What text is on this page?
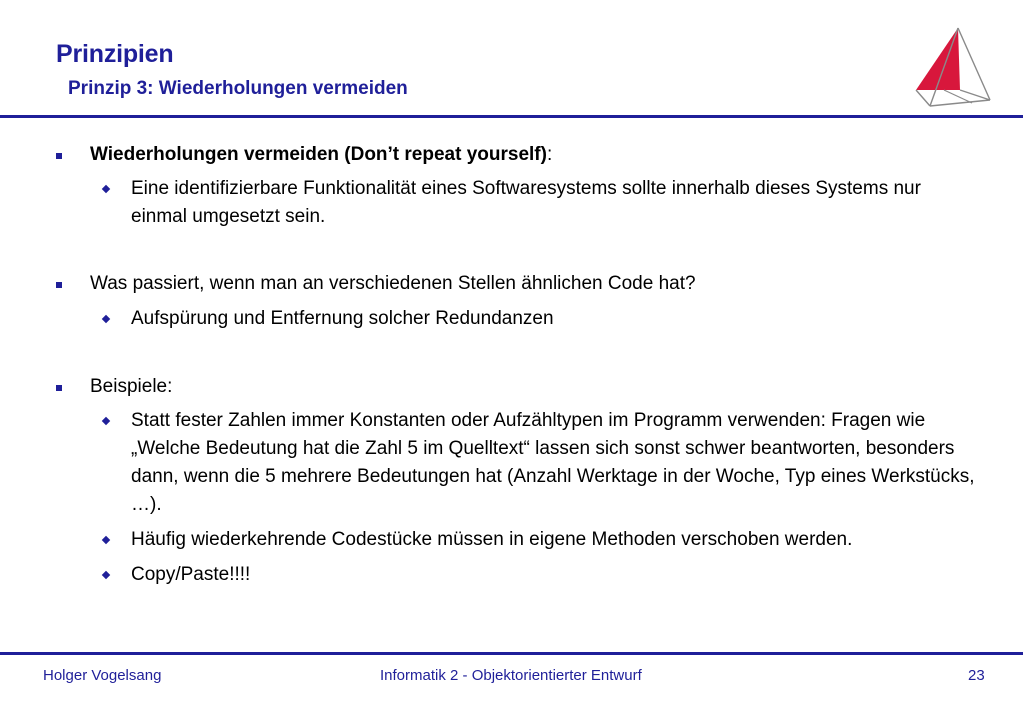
Prinzipien
Prinzip 3: Wiederholungen vermeiden
Wiederholungen vermeiden (Don’t repeat yourself):
Eine identifizierbare Funktionalität eines Softwaresystems sollte innerhalb dieses Systems nur einmal umgesetzt sein.
Was passiert, wenn man an verschiedenen Stellen ähnlichen Code hat?
Aufspürung und Entfernung solcher Redundanzen
Beispiele:
Statt fester Zahlen immer Konstanten oder Aufzähltypen im Programm verwenden: Fragen wie „Welche Bedeutung hat die Zahl 5 im Quelltext“ lassen sich sonst schwer beantworten, besonders dann, wenn die 5 mehrere Bedeutungen hat (Anzahl Werktage in der Woche, Typ eines Werkstücks, …).
Häufig wiederkehrende Codestücke müssen in eigene Methoden verschoben werden.
Copy/Paste!!!!
Holger Vogelsang	Informatik 2 - Objektorientierter Entwurf	23
